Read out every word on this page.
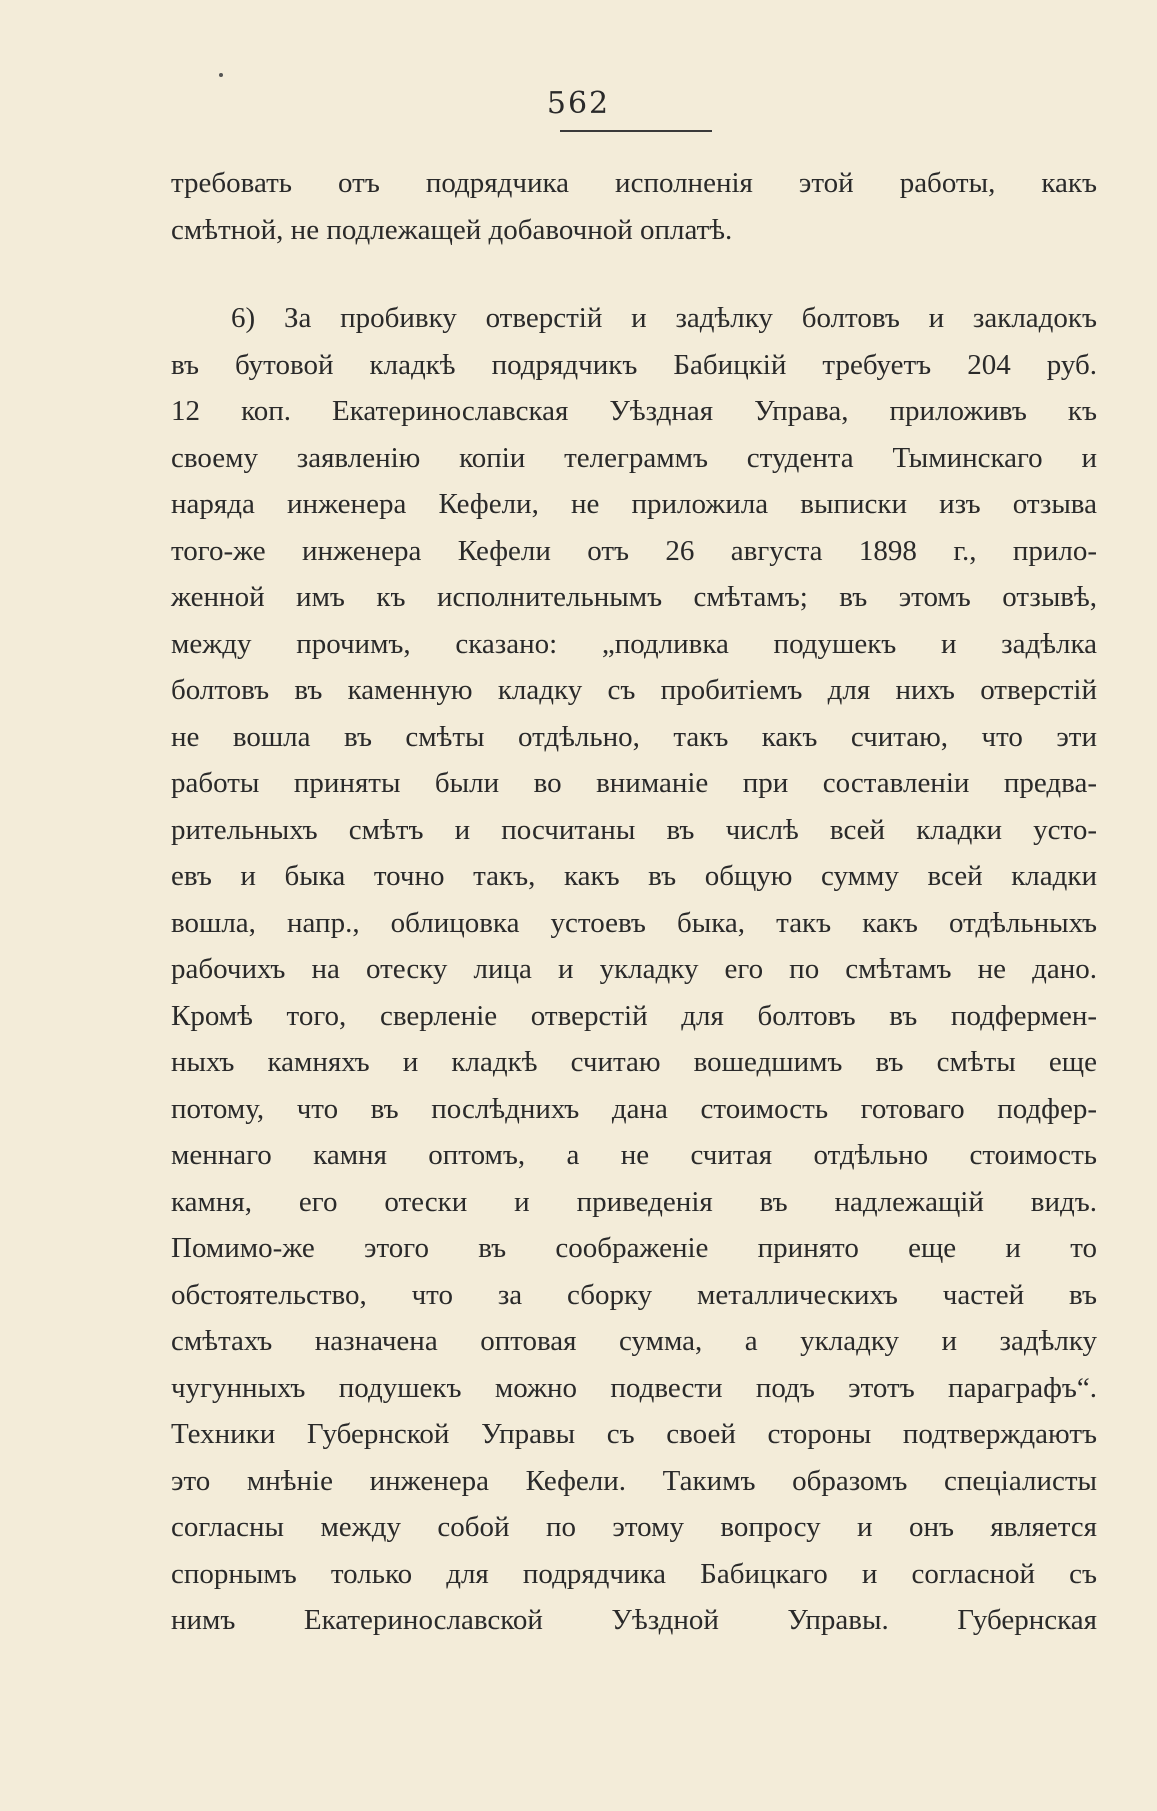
562
требовать отъ подрядчика исполненія этой работы, какъ
смѣтной, не подлежащей добавочной оплатѣ.
6) За пробивку отверстій и задѣлку болтовъ и закладокъ
въ бутовой кладкѣ подрядчикъ Бабицкій требуетъ 204 руб.
12 коп. Екатеринославская Уѣздная Управа, приложивъ къ
своему заявленію копіи телеграммъ студента Тыминскаго и
наряда инженера Кефели, не приложила выписки изъ отзыва
того-же инженера Кефели отъ 26 августа 1898 г., прило-
женной имъ къ исполнительнымъ смѣтамъ; въ этомъ отзывѣ,
между прочимъ, сказано: „подливка подушекъ и задѣлка
болтовъ въ каменную кладку съ пробитіемъ для нихъ отверстій
не вошла въ смѣты отдѣльно, такъ какъ считаю, что эти
работы приняты были во вниманіе при составленіи предва-
рительныхъ смѣтъ и посчитаны въ числѣ всей кладки усто-
евъ и быка точно такъ, какъ въ общую сумму всей кладки
вошла, напр., облицовка устоевъ быка, такъ какъ отдѣльныхъ
рабочихъ на отеску лица и укладку его по смѣтамъ не дано.
Кромѣ того, сверленіе отверстій для болтовъ въ подфермен-
ныхъ камняхъ и кладкѣ считаю вошедшимъ въ смѣты еще
потому, что въ послѣднихъ дана стоимость готоваго подфер-
меннаго камня оптомъ, а не считая отдѣльно стоимость
камня, его отески и приведенія въ надлежащій видъ.
Помимо-же этого въ соображеніе принято еще и то
обстоятельство, что за сборку металлическихъ частей въ
смѣтахъ назначена оптовая сумма, а укладку и задѣлку
чугунныхъ подушекъ можно подвести подъ этотъ параграфъ“.
Техники Губернской Управы съ своей стороны подтверждаютъ
это мнѣніе инженера Кефели. Такимъ образомъ спеціалисты
согласны между собой по этому вопросу и онъ является
спорнымъ только для подрядчика Бабицкаго и согласной съ
нимъ Екатеринославской Уѣздной Управы. Губернская
